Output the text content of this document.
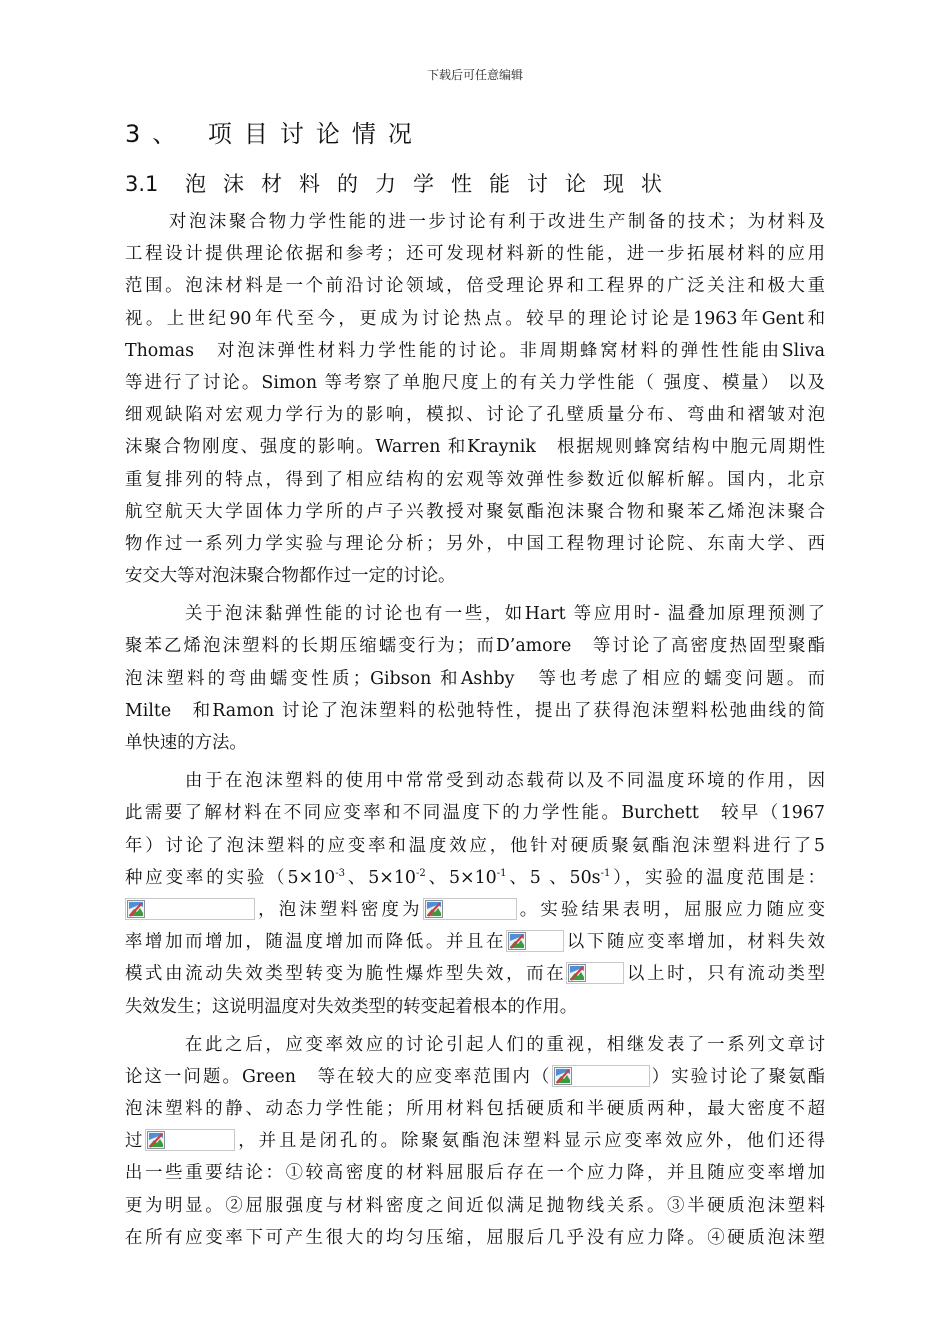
下载后可任意编辑
3、 项目讨论情况
3.1 泡沫材料的力学性能讨论现状
对泡沫聚合物力学性能的进一步讨论有利于改进生产制备的技术；为材料及
工程设计提供理论依据和参考；还可发现材料新的性能，进一步拓展材料的应用
范围。泡沫材料是一个前沿讨论领域，倍受理论界和工程界的广泛关注和极大重
视。上世纪90年代至今，更成为讨论热点。较早的理论讨论是1963年Gent和
Thomas　对泡沫弹性材料力学性能的讨论。非周期蜂窝材料的弹性性能由Sliva
等进行了讨论。Simon 等考察了单胞尺度上的有关力学性能（ 强度、模量） 以及
细观缺陷对宏观力学行为的影响，模拟、讨论了孔壁质量分布、弯曲和褶皱对泡
沫聚合物刚度、强度的影响。Warren 和Kraynik　根据规则蜂窝结构中胞元周期性
重复排列的特点，得到了相应结构的宏观等效弹性参数近似解析解。国内，北京
航空航天大学固体力学所的卢子兴教授对聚氨酯泡沫聚合物和聚苯乙烯泡沫聚合
物作过一系列力学实验与理论分析；另外，中国工程物理讨论院、东南大学、西
安交大等对泡沫聚合物都作过一定的讨论。
关于泡沫黏弹性能的讨论也有一些，如Hart 等应用时- 温叠加原理预测了
聚苯乙烯泡沫塑料的长期压缩蠕变行为；而D’amore　等讨论了高密度热固型聚酯
泡沫塑料的弯曲蠕变性质；Gibson 和Ashby　等也考虑了相应的蠕变问题。而
Milte　和Ramon 讨论了泡沫塑料的松弛特性，提出了获得泡沫塑料松弛曲线的简
单快速的方法。
由于在泡沫塑料的使用中常常受到动态载荷以及不同温度环境的作用，因
此需要了解材料在不同应变率和不同温度下的力学性能。Burchett　较早（1967
年）讨论了泡沫塑料的应变率和温度效应，他针对硬质聚氨酯泡沫塑料进行了5
种应变率的实验（$5\times 10^{-3}$、$5\times 10^{-2}$、$5\times 10^{-1}$、5 、$50s^{-1}$），实验的温度范围是：
，泡沫塑料密度为	。实验结果表明，屈服应力随应变
率增加而增加，随温度增加而降低。并且在	以下随应变率增加，材料失效
模式由流动失效类型转变为脆性爆炸型失效，而在	以上时，只有流动类型
失效发生；这说明温度对失效类型的转变起着根本的作用。
在此之后，应变率效应的讨论引起人们的重视，相继发表了一系列文章讨
论这一问题。Green　等在较大的应变率范围内（	）实验讨论了聚氨酯
泡沫塑料的静、动态力学性能；所用材料包括硬质和半硬质两种，最大密度不超
过	，并且是闭孔的。除聚氨酯泡沫塑料显示应变率效应外，他们还得
出一些重要结论：①较高密度的材料屈服后存在一个应力降，并且随应变率增加
更为明显。②屈服强度与材料密度之间近似满足抛物线关系。③半硬质泡沫塑料
在所有应变率下可产生很大的均匀压缩，屈服后几乎没有应力降。④硬质泡沫塑
